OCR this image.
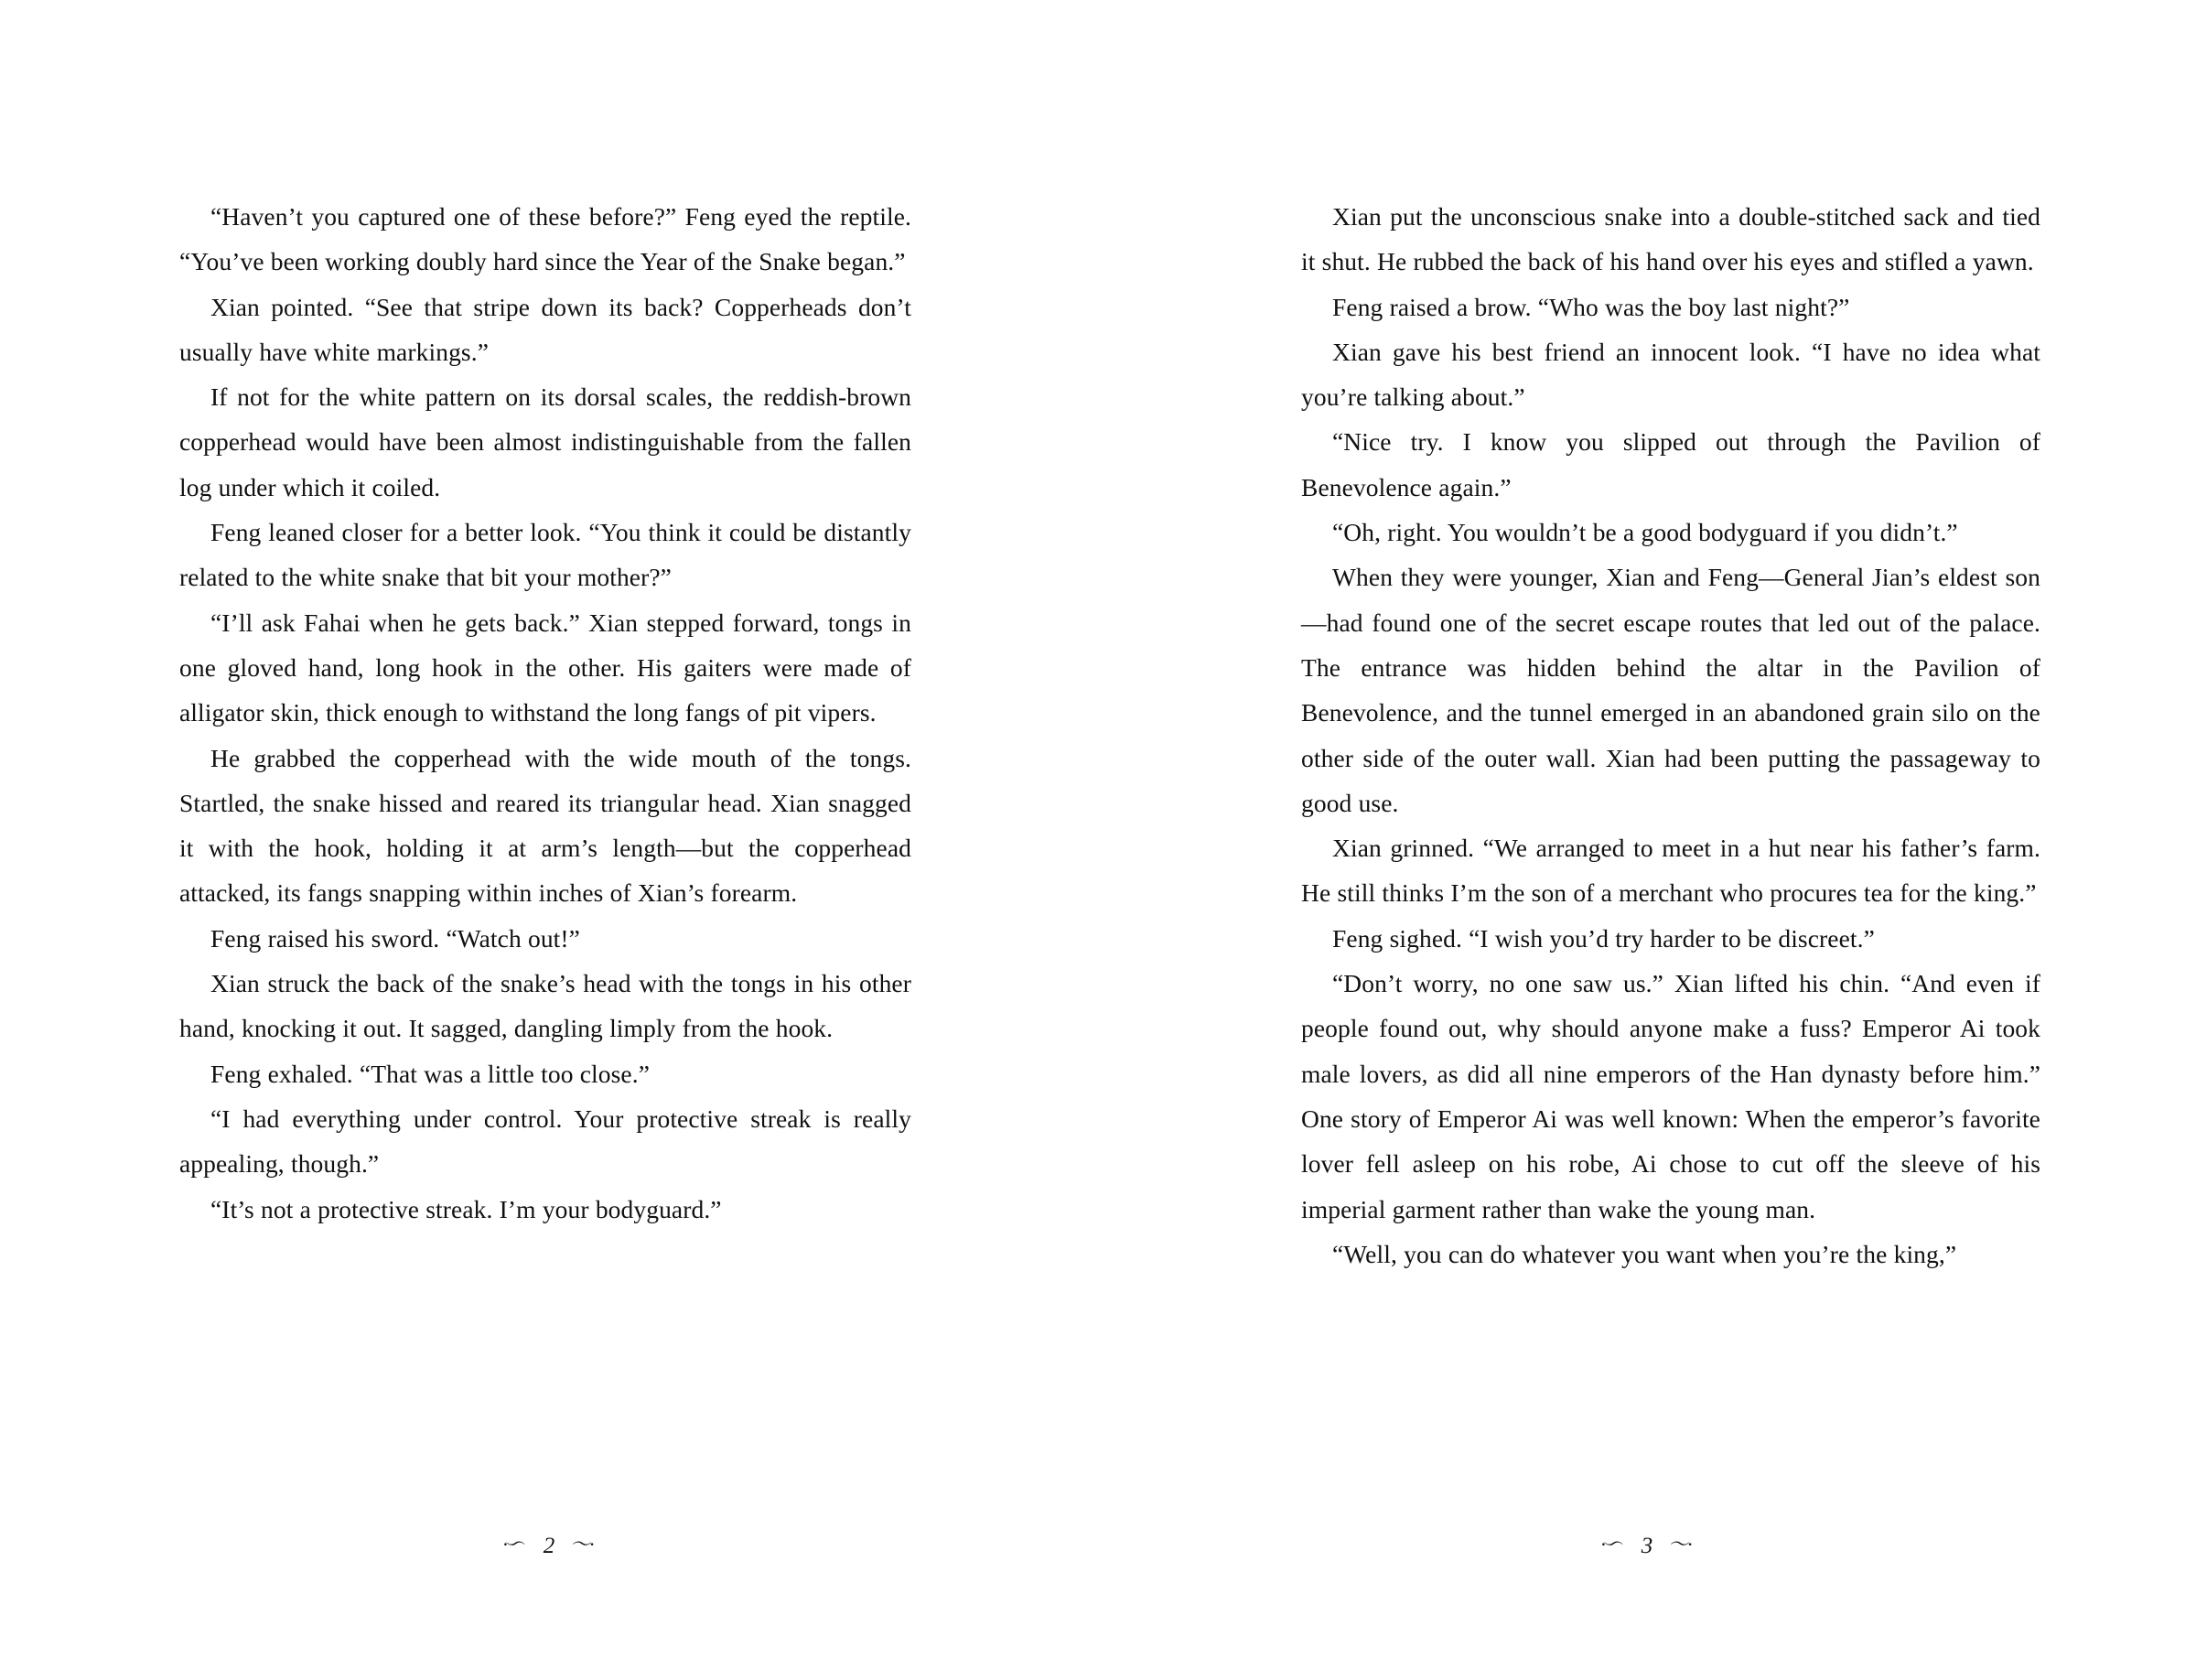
“Haven’t you captured one of these before?” Feng eyed the reptile. “You’ve been working doubly hard since the Year of the Snake began.”

Xian pointed. “See that stripe down its back? Copperheads don’t usually have white markings.”

If not for the white pattern on its dorsal scales, the reddish-brown copperhead would have been almost indistinguishable from the fallen log under which it coiled.

Feng leaned closer for a better look. “You think it could be distantly related to the white snake that bit your mother?”

“I’ll ask Fahai when he gets back.” Xian stepped forward, tongs in one gloved hand, long hook in the other. His gaiters were made of alligator skin, thick enough to withstand the long fangs of pit vipers.

He grabbed the copperhead with the wide mouth of the tongs. Startled, the snake hissed and reared its triangular head. Xian snagged it with the hook, holding it at arm’s length—but the copperhead attacked, its fangs snapping within inches of Xian’s forearm.

Feng raised his sword. “Watch out!”

Xian struck the back of the snake’s head with the tongs in his other hand, knocking it out. It sagged, dangling limply from the hook.

Feng exhaled. “That was a little too close.”

“I had everything under control. Your protective streak is really appealing, though.”

“It’s not a protective streak. I’m your bodyguard.”

〜∙ 2 〜∙

Xian put the unconscious snake into a double-stitched sack and tied it shut. He rubbed the back of his hand over his eyes and stifled a yawn.

Feng raised a brow. “Who was the boy last night?”

Xian gave his best friend an innocent look. “I have no idea what you’re talking about.”

“Nice try. I know you slipped out through the Pavilion of Benevolence again.”

“Oh, right. You wouldn’t be a good bodyguard if you didn’t.”

When they were younger, Xian and Feng—General Jian’s eldest son—had found one of the secret escape routes that led out of the palace. The entrance was hidden behind the altar in the Pavilion of Benevolence, and the tunnel emerged in an abandoned grain silo on the other side of the outer wall. Xian had been putting the passageway to good use.

Xian grinned. “We arranged to meet in a hut near his father’s farm. He still thinks I’m the son of a merchant who procures tea for the king.”

Feng sighed. “I wish you’d try harder to be discreet.”

“Don’t worry, no one saw us.” Xian lifted his chin. “And even if people found out, why should anyone make a fuss? Emperor Ai took male lovers, as did all nine emperors of the Han dynasty before him.” One story of Emperor Ai was well known: When the emperor’s favorite lover fell asleep on his robe, Ai chose to cut off the sleeve of his imperial garment rather than wake the young man.

“Well, you can do whatever you want when you’re the king,”

〜∙ 3 〜∙
